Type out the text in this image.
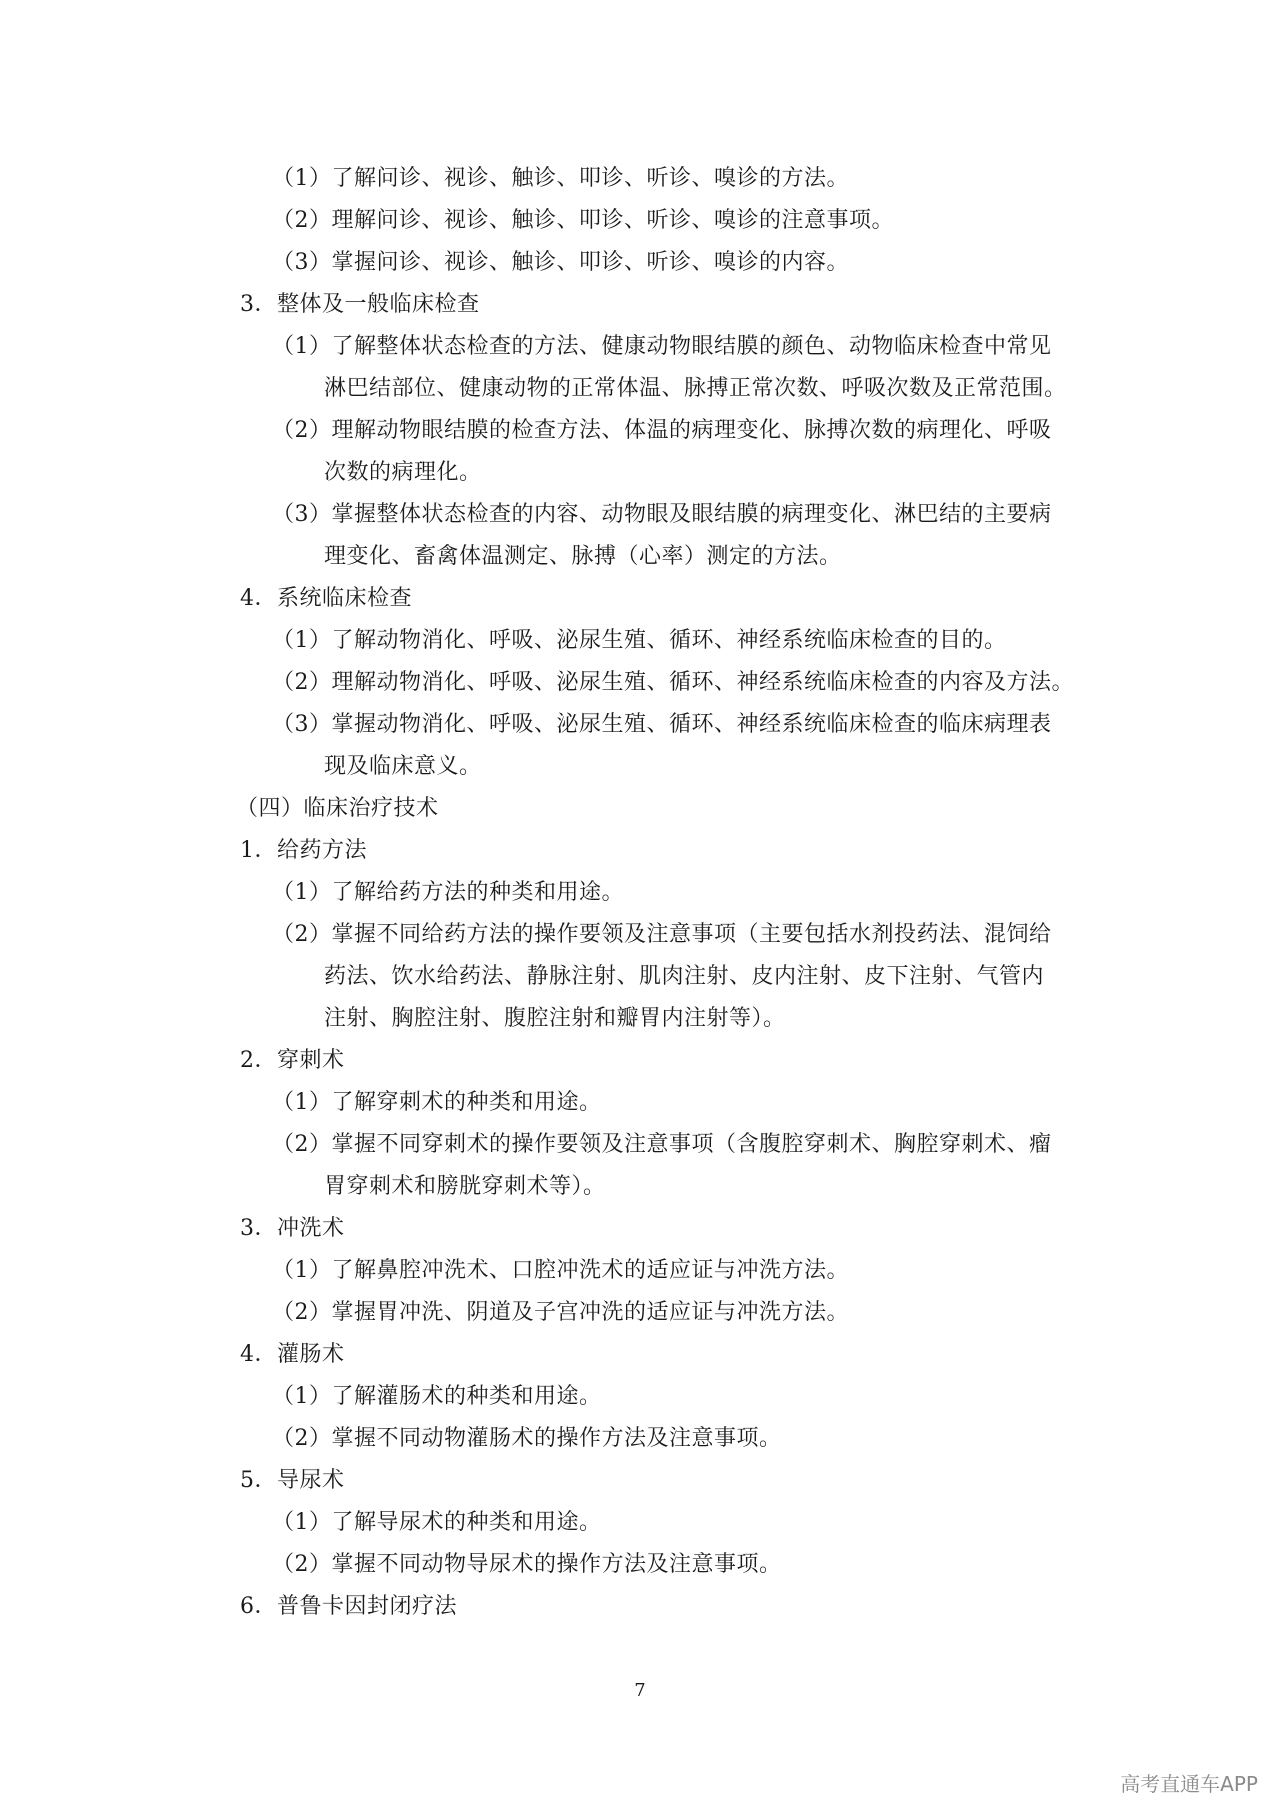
（1）了解问诊、视诊、触诊、叩诊、听诊、嗅诊的方法。
（2）理解问诊、视诊、触诊、叩诊、听诊、嗅诊的注意事项。
（3）掌握问诊、视诊、触诊、叩诊、听诊、嗅诊的内容。
3．整体及一般临床检查
（1）了解整体状态检查的方法、健康动物眼结膜的颜色、动物临床检查中常见
淋巴结部位、健康动物的正常体温、脉搏正常次数、呼吸次数及正常范围。
（2）理解动物眼结膜的检查方法、体温的病理变化、脉搏次数的病理化、呼吸
次数的病理化。
（3）掌握整体状态检查的内容、动物眼及眼结膜的病理变化、淋巴结的主要病
理变化、畜禽体温测定、脉搏（心率）测定的方法。
4．系统临床检查
（1）了解动物消化、呼吸、泌尿生殖、循环、神经系统临床检查的目的。
（2）理解动物消化、呼吸、泌尿生殖、循环、神经系统临床检查的内容及方法。
（3）掌握动物消化、呼吸、泌尿生殖、循环、神经系统临床检查的临床病理表
现及临床意义。
（四）临床治疗技术
1．给药方法
（1）了解给药方法的种类和用途。
（2）掌握不同给药方法的操作要领及注意事项（主要包括水剂投药法、混饲给
药法、饮水给药法、静脉注射、肌肉注射、皮内注射、皮下注射、气管内
注射、胸腔注射、腹腔注射和瓣胃内注射等）。
2．穿刺术
（1）了解穿刺术的种类和用途。
（2）掌握不同穿刺术的操作要领及注意事项（含腹腔穿刺术、胸腔穿刺术、瘤
胃穿刺术和膀胱穿刺术等）。
3．冲洗术
（1）了解鼻腔冲洗术、口腔冲洗术的适应证与冲洗方法。
（2）掌握胃冲洗、阴道及子宫冲洗的适应证与冲洗方法。
4．灌肠术
（1）了解灌肠术的种类和用途。
（2）掌握不同动物灌肠术的操作方法及注意事项。
5．导尿术
（1）了解导尿术的种类和用途。
（2）掌握不同动物导尿术的操作方法及注意事项。
6．普鲁卡因封闭疗法
7
高考直通车APP
